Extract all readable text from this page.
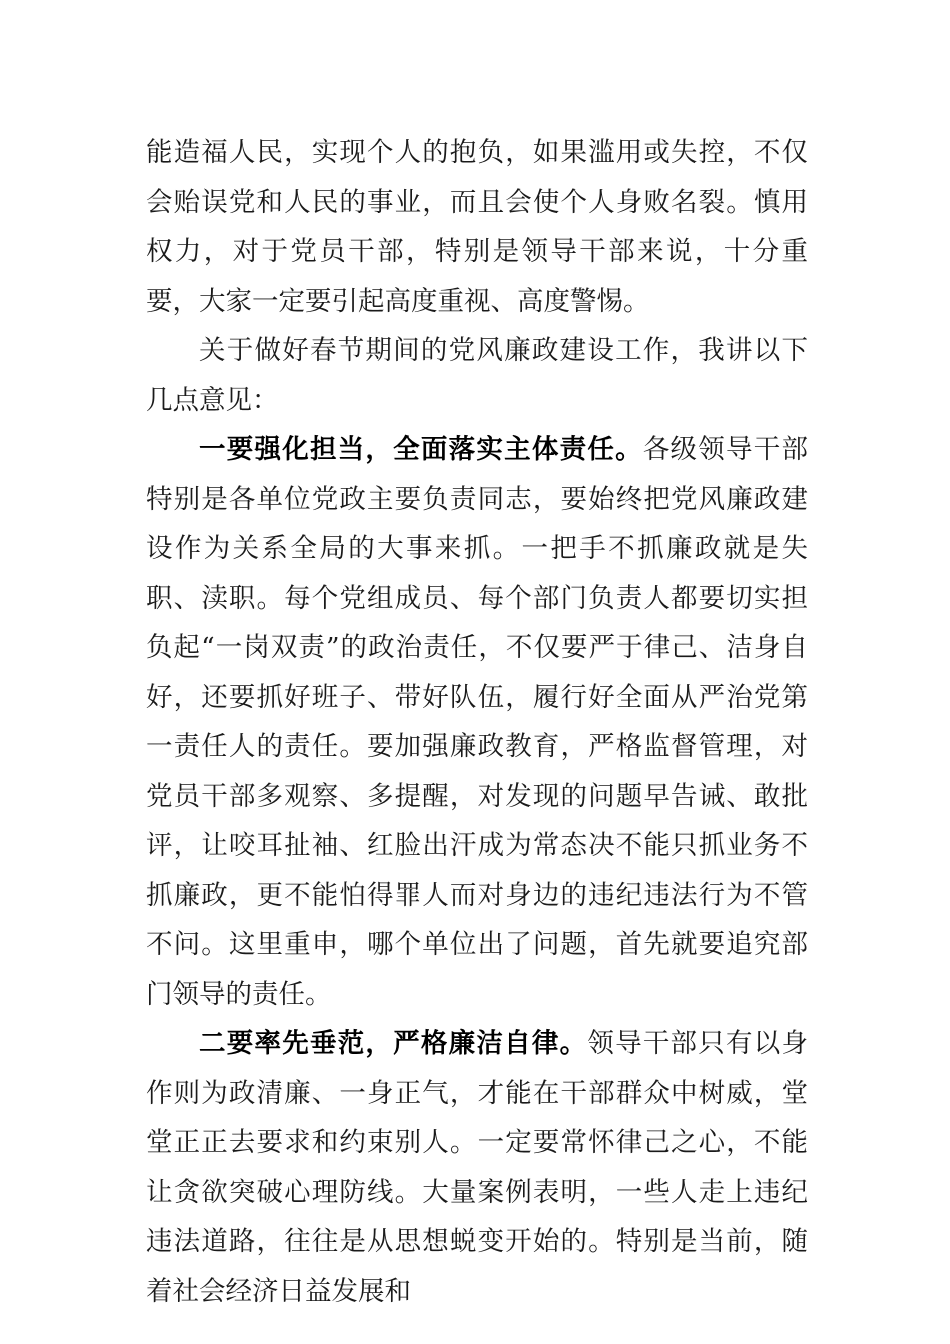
能造福人民，实现个人的抱负，如果滥用或失控，不仅会贻误党和人民的事业，而且会使个人身败名裂。慎用权力，对于党员干部，特别是领导干部来说，十分重要，大家一定要引起高度重视、高度警惕。

关于做好春节期间的党风廉政建设工作，我讲以下几点意见：

一要强化担当，全面落实主体责任。各级领导干部特别是各单位党政主要负责同志，要始终把党风廉政建设作为关系全局的大事来抓。一把手不抓廉政就是失职、渎职。每个党组成员、每个部门负责人都要切实担负起“一岗双责”的政治责任，不仅要严于律己、洁身自好，还要抓好班子、带好队伍，履行好全面从严治党第一责任人的责任。要加强廉政教育，严格监督管理，对党员干部多观察、多提醒，对发现的问题早告诫、敢批评，让咬耳扯袖、红脸出汗成为常态决不能只抓业务不抓廉政，更不能怕得罪人而对身边的违纪违法行为不管不问。这里重申，哪个单位出了问题，首先就要追究部门领导的责任。

二要率先垂范，严格廉洁自律。领导干部只有以身作则为政清廉、一身正气，才能在干部群众中树威，堂堂正正去要求和约束别人。一定要常怀律己之心，不能让贪欲突破心理防线。大量案例表明，一些人走上违纪违法道路，往往是从思想蜕变开始的。特别是当前，随着社会经济日益发展和
